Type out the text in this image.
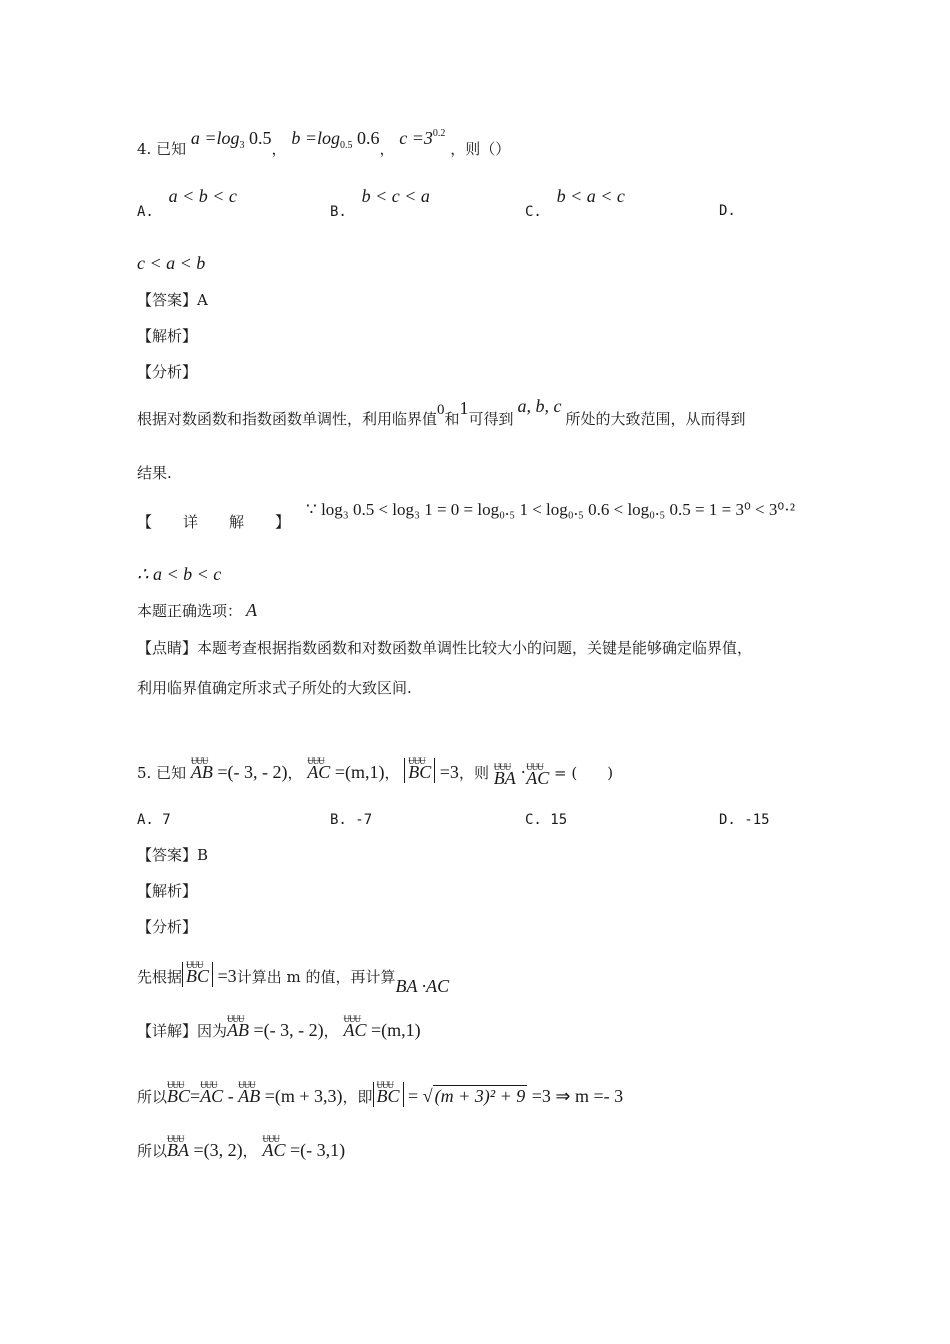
4. 已知 $a =\log_3$ 0.5， $b =\log_{0.5}$ 0.6， $c =3^{0.2}$ ，则（）
A. a < b < c
B. b < c < a
C. b < a < c
D.
c < a < b
【答案】A
【解析】
【分析】
根据对数函数和指数函数单调性，利用临界值0和1可得到a, b, c所处的大致范围，从而得到
结果.
【　详　解　】
∵ log₃ 0.5 < log₃ 1 = 0 = log₀.₅ 1 < log₀.₅ 0.6 < log₀.₅ 0.5 = 1 = 3⁰ < 3⁰·²
∴ a < b < c
本题正确选项： A
【点睛】本题考查根据指数函数和对数函数单调性比较大小的问题，关键是能够确定临界值，
利用临界值确定所求式子所处的大致区间.
5. 已知 ɄɄɄ AB =(- 3, - 2)， ɄɄɄ AC =(m,1)， ɄɄɄ BC =3，则 ɄɄɄ BA ·ɄɄɄ AC = (　　)
A. 7	B. -7	C. 15	D. -15
【答案】B
【解析】
【分析】
先根据 ɄɄɄ BC =3计算出 m 的值，再计算BA ·AC
【详解】因为ɄɄɄ AB =(- 3, - 2)， ɄɄɄ AC =(m,1)
所以ɄɄɄ BC=ɄɄɄ AC - ɄɄɄ AB =(m + 3,3)，即 ɄɄɄ BC = √ (m + 3)² + 9 =3 ⇒ m =- 3
所以ɄɄɄ BA =(3, 2)， ɄɄɄ AC =(- 3,1)
